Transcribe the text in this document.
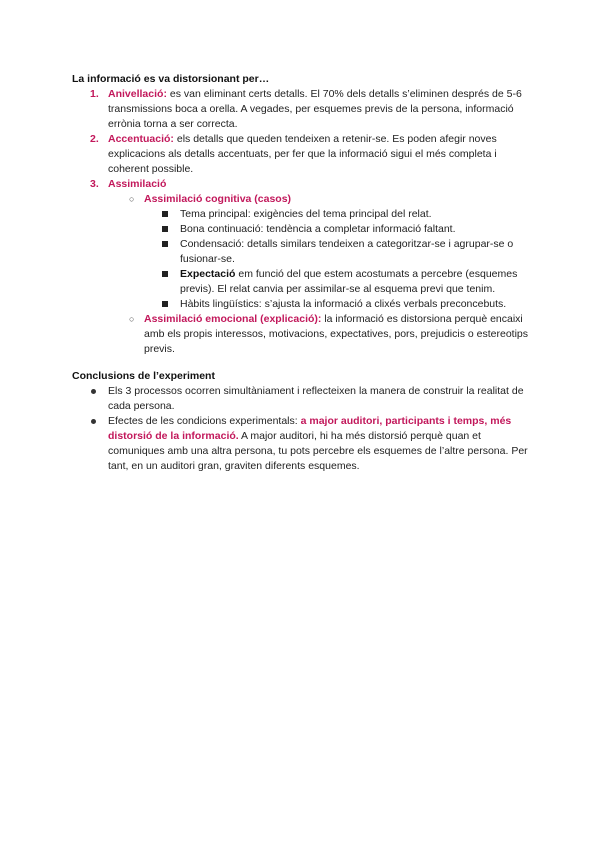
La informació es va distorsionant per…
1. Anivellació: es van eliminant certs detalls. El 70% dels detalls s’eliminen després de 5-6 transmissions boca a orella. A vegades, per esquemes previs de la persona, informació errònia torna a ser correcta.
2. Accentuació: els detalls que queden tendeixen a retenir-se. Es poden afegir noves explicacions als detalls accentuats, per fer que la informació sigui el més completa i coherent possible.
3. Assimilació
○ Assimilació cognitiva (casos)
Tema principal: exigències del tema principal del relat.
Bona continuació: tendència a completar informació faltant.
Condensació: detalls similars tendeixen a categoritzar-se i agrupar-se o fusionar-se.
Expectació em funció del que estem acostumats a percebre (esquemes previs). El relat canvia per assimilar-se al esquema previ que tenim.
Hàbits lingüístics: s’ajusta la informació a clixés verbals preconcebuts.
○ Assimilació emocional (explicació): la informació es distorsiona perquè encaixi amb els propis interessos, motivacions, expectatives, pors, prejudicis o estereotips previs.
Conclusions de l’experiment
Els 3 processos ocorren simultàniament i reflecteixen la manera de construir la realitat de cada persona.
Efectes de les condicions experimentals: a major auditori, participants i temps, més distorsió de la informació. A major auditori, hi ha més distorsió perquè quan et comuniques amb una altra persona, tu pots percebre els esquemes de l’altre persona. Per tant, en un auditori gran, graviten diferents esquemes.
